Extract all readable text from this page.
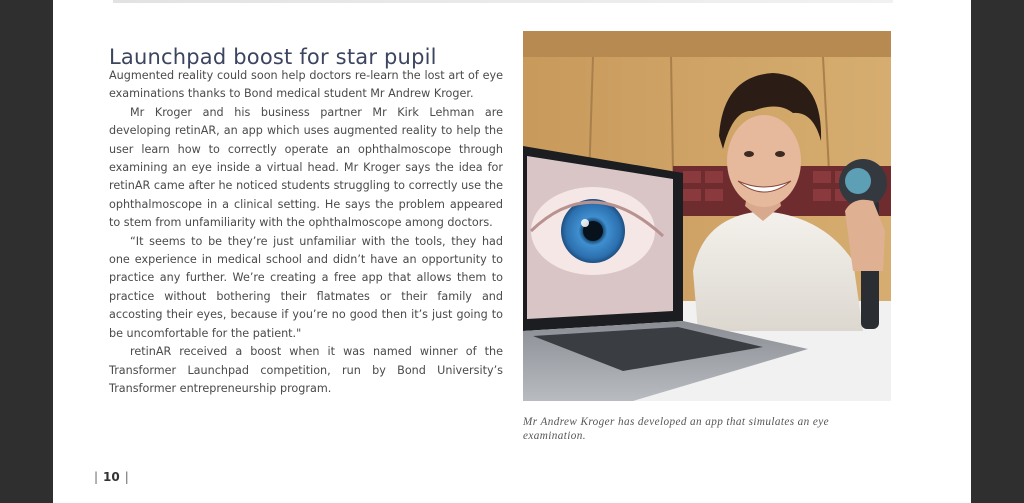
Launchpad boost for star pupil

Augmented reality could soon help doctors re-learn the lost art of eye examinations thanks to Bond medical student Mr Andrew Kroger.

Mr Kroger and his business partner Mr Kirk Lehman are developing retinAR, an app which uses augmented reality to help the user learn how to correctly operate an ophthalmoscope through examining an eye inside a virtual head. Mr Kroger says the idea for retinAR came after he noticed students struggling to correctly use the ophthalmoscope in a clinical setting. He says the problem appeared to stem from unfamiliarity with the ophthalmoscope among doctors.

“It seems to be they’re just unfamiliar with the tools, they had one experience in medical school and didn’t have an opportunity to practice any further. We’re creating a free app that allows them to practice without bothering their flatmates or their family and accosting their eyes, because if you’re no good then it’s just going to be uncomfortable for the patient."

retinAR received a boost when it was named winner of the Transformer Launchpad competition, run by Bond University’s Transformer entrepreneurship program.

Mr Andrew Kroger has developed an app that simulates an eye examination.
| 10 |
